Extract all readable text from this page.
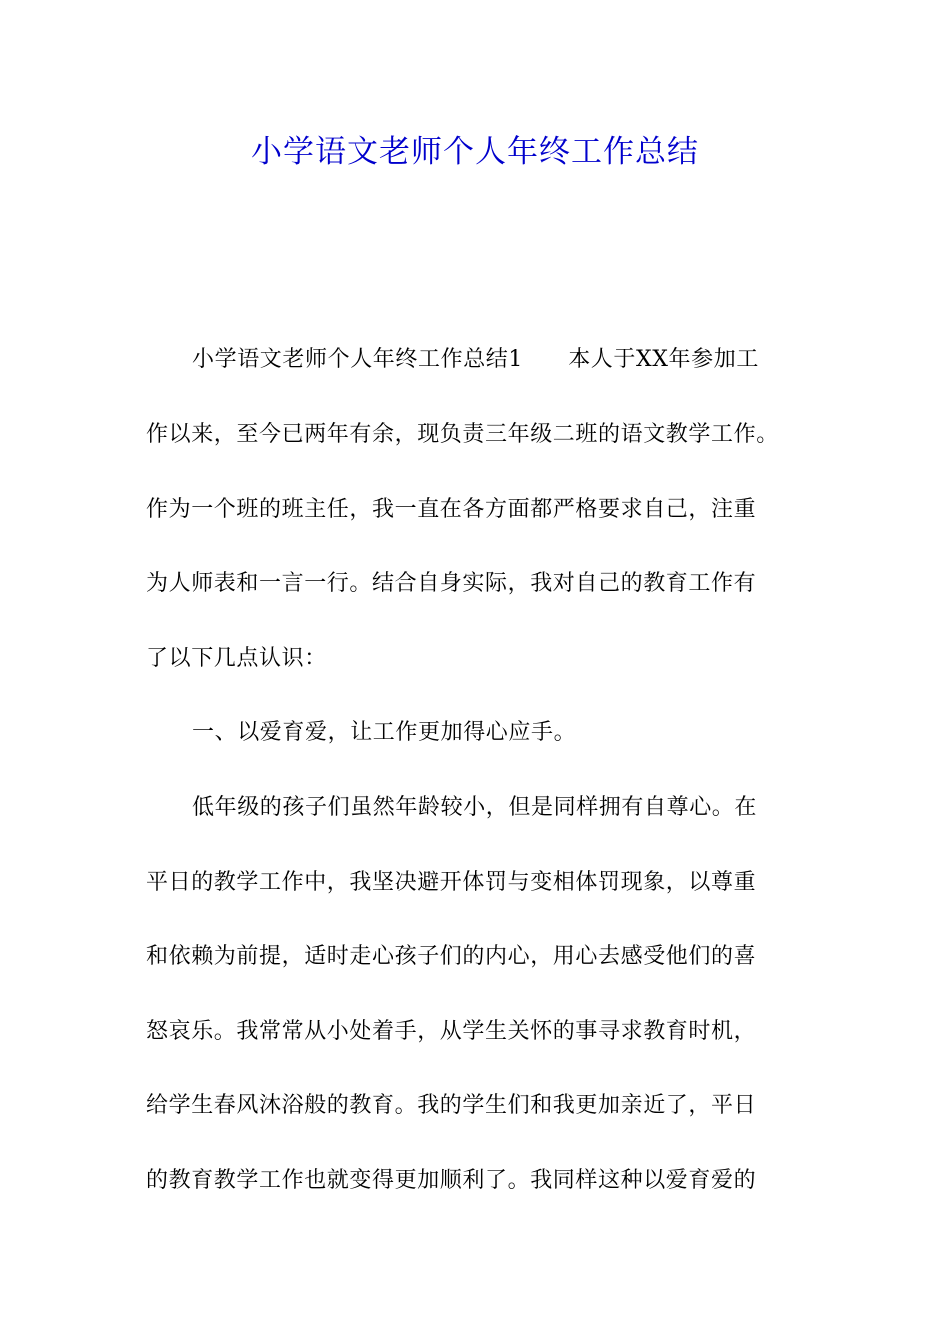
小学语文老师个人年终工作总结
小学语文老师个人年终工作总结1　　本人于XX年参加工
作以来，至今已两年有余，现负责三年级二班的语文教学工作。
作为一个班的班主任，我一直在各方面都严格要求自己，注重
为人师表和一言一行。结合自身实际，我对自己的教育工作有
了以下几点认识：
一、以爱育爱，让工作更加得心应手。
低年级的孩子们虽然年龄较小，但是同样拥有自尊心。在
平日的教学工作中，我坚决避开体罚与变相体罚现象，以尊重
和依赖为前提，适时走心孩子们的内心，用心去感受他们的喜
怒哀乐。我常常从小处着手，从学生关怀的事寻求教育时机，
给学生春风沐浴般的教育。我的学生们和我更加亲近了，平日
的教育教学工作也就变得更加顺利了。我同样这种以爱育爱的
